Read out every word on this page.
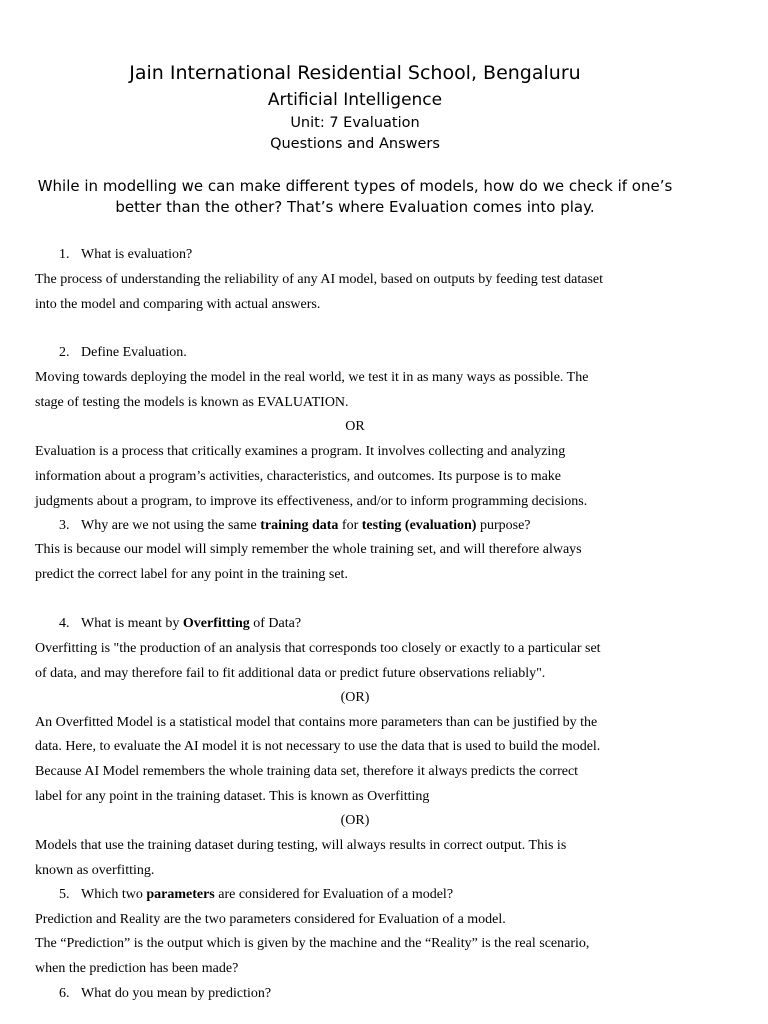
Jain International Residential School, Bengaluru
Artificial Intelligence
Unit: 7 Evaluation
Questions and Answers
While in modelling we can make different types of models, how do we check if one’s
better than the other? That’s where Evaluation comes into play.
1. What is evaluation?
The process of understanding the reliability of any AI model, based on outputs by feeding test dataset
into the model and comparing with actual answers.
2. Define Evaluation.
Moving towards deploying the model in the real world, we test it in as many ways as possible. The
stage of testing the models is known as EVALUATION.
OR
Evaluation is a process that critically examines a program. It involves collecting and analyzing
information about a program’s activities, characteristics, and outcomes. Its purpose is to make
judgments about a program, to improve its effectiveness, and/or to inform programming decisions.
3. Why are we not using the same training data for testing (evaluation) purpose?
This is because our model will simply remember the whole training set, and will therefore always
predict the correct label for any point in the training set.
4. What is meant by Overfitting of Data?
Overfitting is "the production of an analysis that corresponds too closely or exactly to a particular set
of data, and may therefore fail to fit additional data or predict future observations reliably".
(OR)
An Overfitted Model is a statistical model that contains more parameters than can be justified by the
data. Here, to evaluate the AI model it is not necessary to use the data that is used to build the model.
Because AI Model remembers the whole training data set, therefore it always predicts the correct
label for any point in the training dataset. This is known as Overfitting
(OR)
Models that use the training dataset during testing, will always results in correct output. This is
known as overfitting.
5. Which two parameters are considered for Evaluation of a model?
Prediction and Reality are the two parameters considered for Evaluation of a model.
The “Prediction” is the output which is given by the machine and the “Reality” is the real scenario,
when the prediction has been made?
6. What do you mean by prediction?
